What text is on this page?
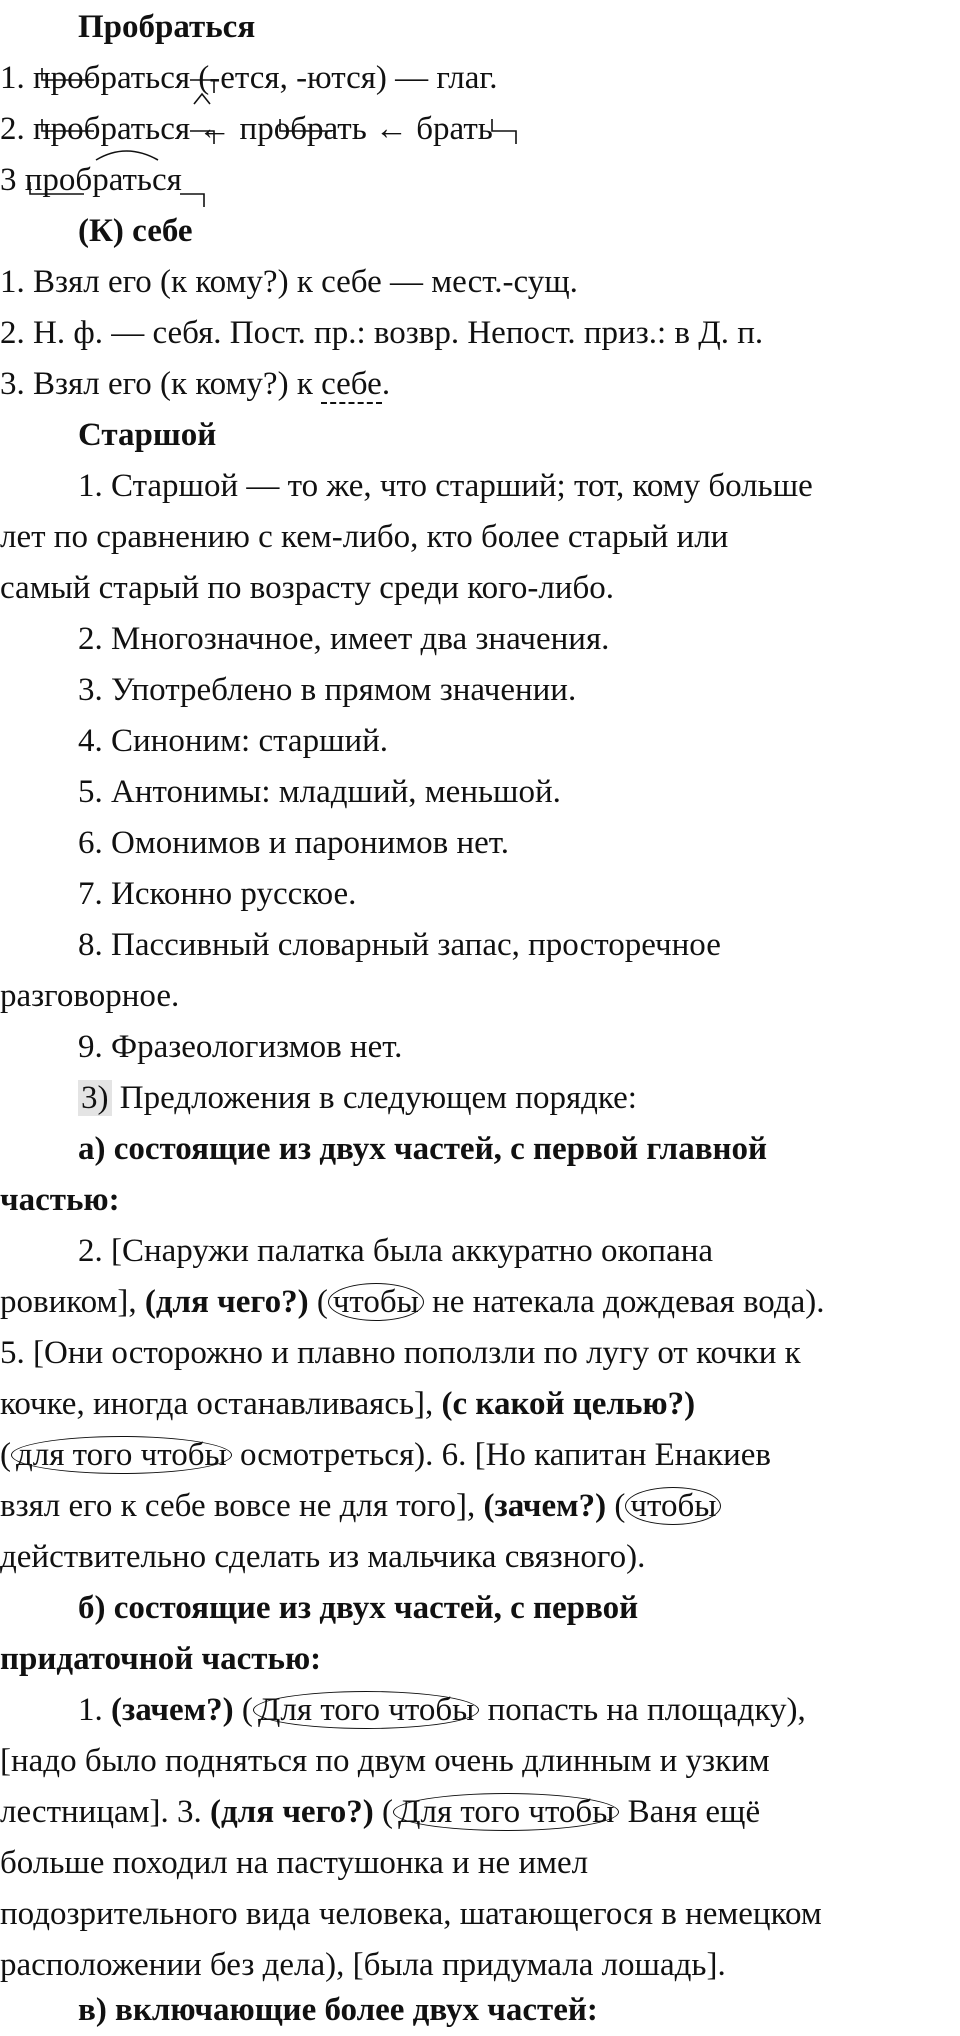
Пробраться
1. пробраться (-ется, -ются) — глаг.
2. пробраться ← пробрать ← брать
3 пробраться
(К) себе
1. Взял его (к кому?) к себе — мест.-сущ.
2. Н. ф. — себя. Пост. пр.: возвр. Непост. приз.: в Д. п.
3. Взял его (к кому?) к себе.
Старшой
1. Старшой — то же, что старший; тот, кому больше
лет по сравнению с кем-либо, кто более старый или
самый старый по возрасту среди кого-либо.
2. Многозначное, имеет два значения.
3. Употреблено в прямом значении.
4. Синоним: старший.
5. Антонимы: младший, меньшой.
6. Омонимов и паронимов нет.
7. Исконно русское.
8. Пассивный словарный запас, просторечное
разговорное.
9. Фразеологизмов нет.
3) Предложения в следующем порядке:
а) состоящие из двух частей, с первой главной
частью:
2. [Снаружи палатка была аккуратно окопана
ровиком], (для чего?) ( чтобы не натекала дождевая вода).
5. [Они осторожно и плавно поползли по лугу от кочки к
кочке, иногда останавливаясь], (с какой целью?)
( для того чтобы осмотреться). 6. [Но капитан Енакиев
взял его к себе вовсе не для того], (зачем?) ( чтобы
действительно сделать из мальчика связного).
б) состоящие из двух частей, с первой
придаточной частью:
1. (зачем?) ( Для того чтобы попасть на площадку),
[надо было подняться по двум очень длинным и узким
лестницам]. 3. (для чего?) ( Для того чтобы Ваня ещё
больше походил на пастушонка и не имел
подозрительного вида человека, шатающегося в немецком
расположении без дела), [была придумала лошадь].
в) включающие более двух частей:
